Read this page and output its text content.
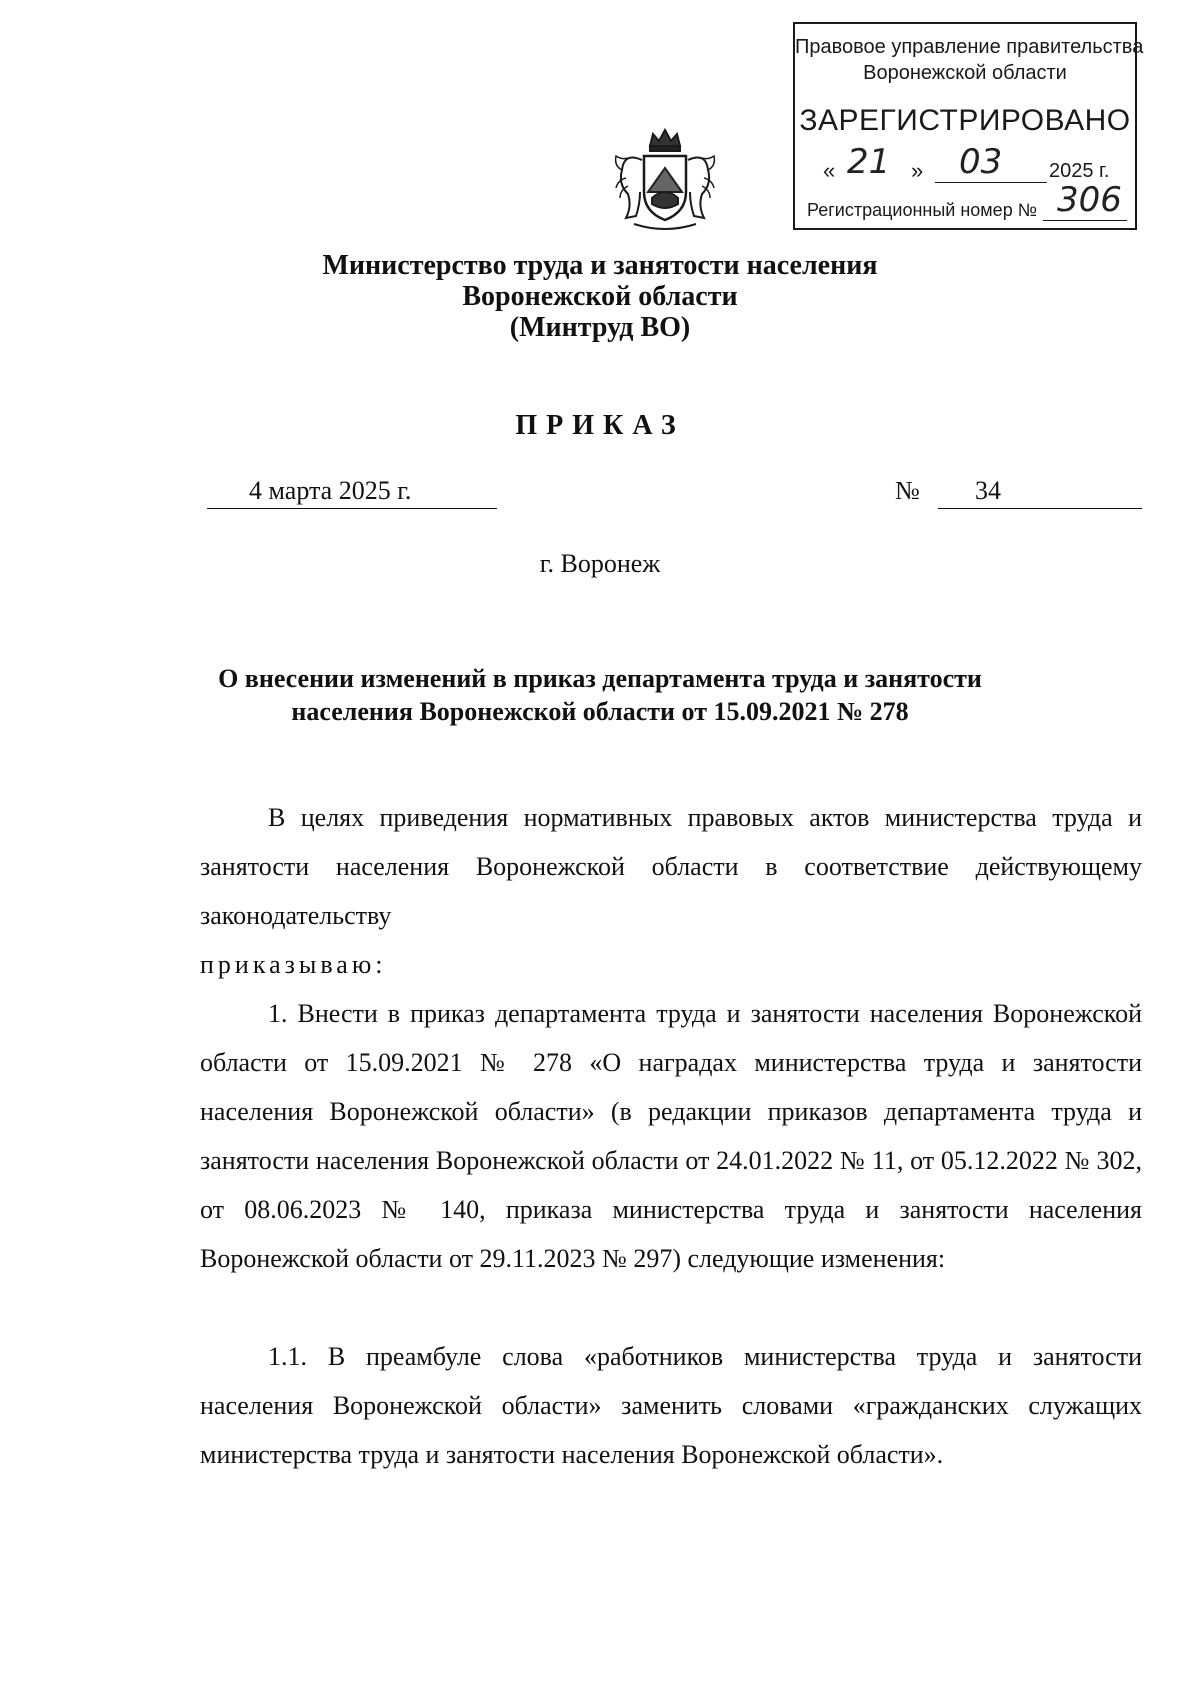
Правовое управление правительства
Воронежской области
ЗАРЕГИСТРИРОВАНО
« 21 » 03 2025 г.
Регистрационный номер № 306
Министерство труда и занятости населения
Воронежской области
(Минтруд ВО)
ПРИКАЗ
4 марта 2025 г.	№ 34
г. Воронеж
О внесении изменений в приказ департамента труда и занятости
населения Воронежской области от 15.09.2021 № 278
В целях приведения нормативных правовых актов министерства труда и занятости населения Воронежской области в соответствие действующему законодательству
приказываю:
1. Внести в приказ департамента труда и занятости населения Воронежской области от 15.09.2021 № 278 «О наградах министерства труда и занятости населения Воронежской области» (в редакции приказов департамента труда и занятости населения Воронежской области от 24.01.2022 № 11, от 05.12.2022 № 302, от 08.06.2023 № 140, приказа министерства труда и занятости населения Воронежской области от 29.11.2023 № 297) следующие изменения:
1.1. В преамбуле слова «работников министерства труда и занятости населения Воронежской области» заменить словами «гражданских служащих министерства труда и занятости населения Воронежской области».
